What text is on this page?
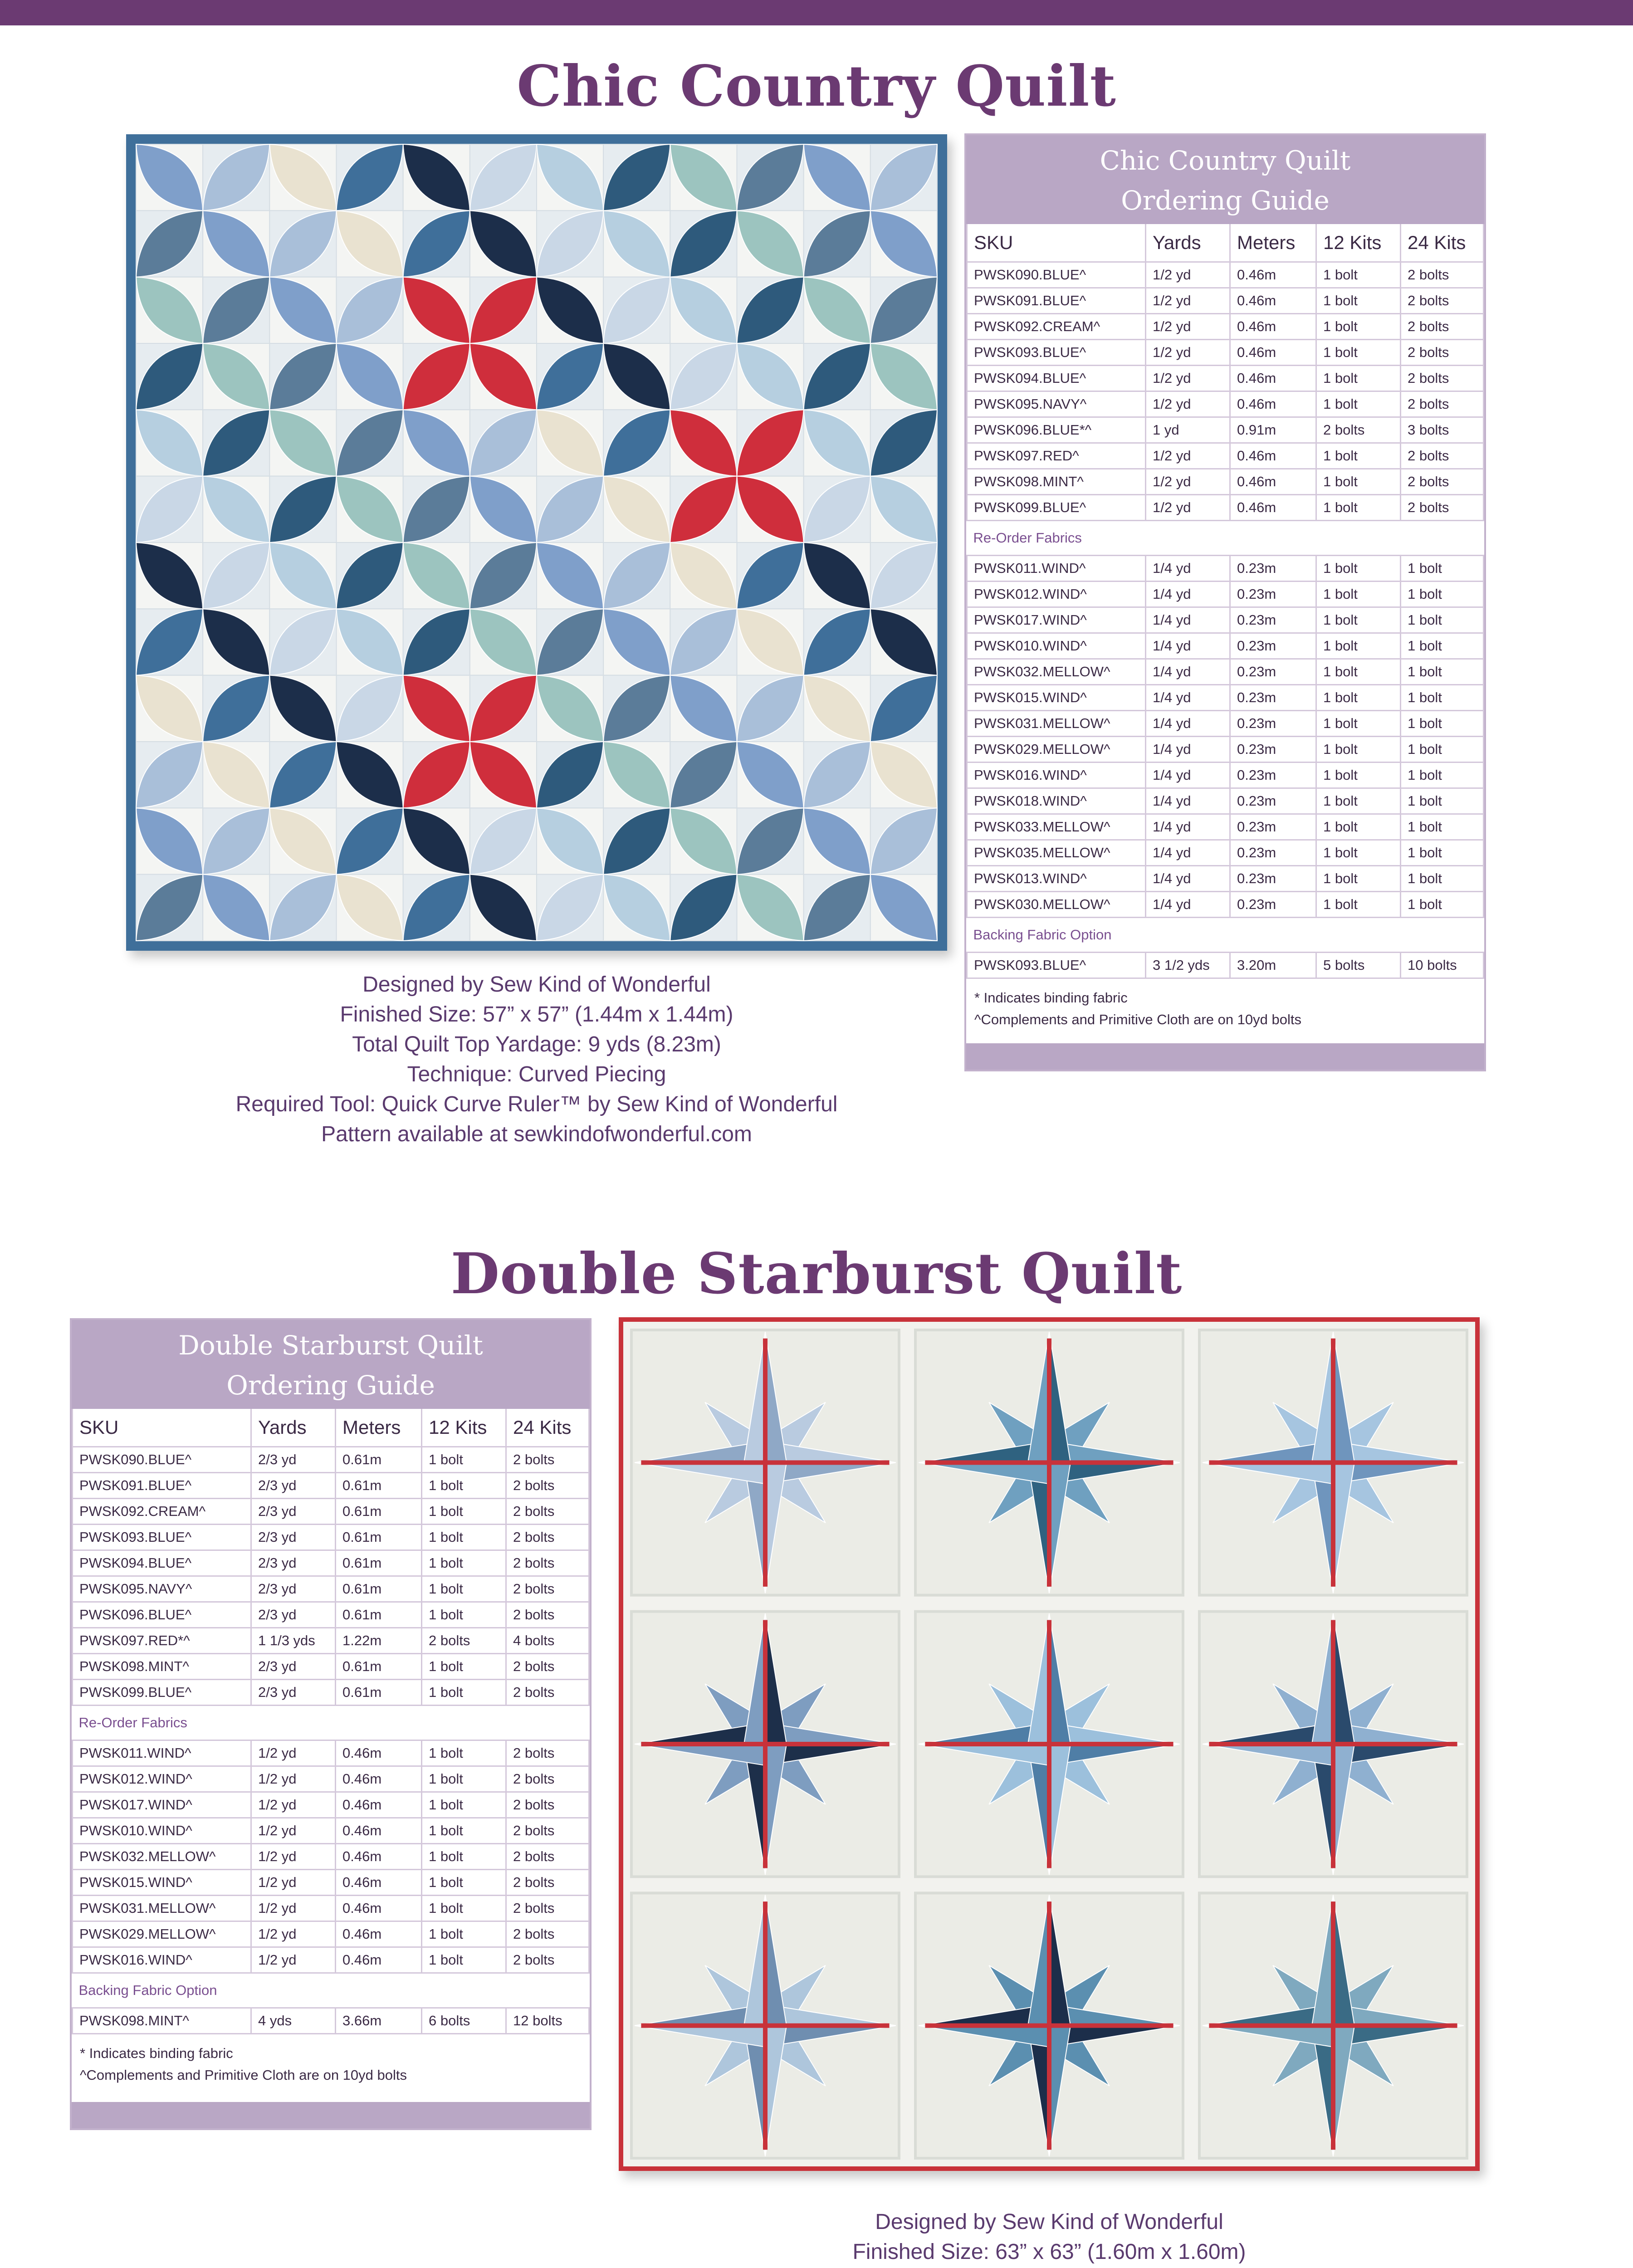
Chic Country Quilt
Designed by Sew Kind of Wonderful
Finished Size: 57” x 57” (1.44m x 1.44m)
Total Quilt Top Yardage: 9 yds (8.23m)
Technique: Curved Piecing
Required Tool: Quick Curve Ruler™ by Sew Kind of Wonderful
Pattern available at sewkindofwonderful.com
Chic Country Quilt
Ordering Guide
SKU	Yards	Meters	12 Kits	24 Kits
PWSK090.BLUE^	1/2 yd	0.46m	1 bolt	2 bolts
PWSK091.BLUE^	1/2 yd	0.46m	1 bolt	2 bolts
PWSK092.CREAM^	1/2 yd	0.46m	1 bolt	2 bolts
PWSK093.BLUE^	1/2 yd	0.46m	1 bolt	2 bolts
PWSK094.BLUE^	1/2 yd	0.46m	1 bolt	2 bolts
PWSK095.NAVY^	1/2 yd	0.46m	1 bolt	2 bolts
PWSK096.BLUE*^	1 yd	0.91m	2 bolts	3 bolts
PWSK097.RED^	1/2 yd	0.46m	1 bolt	2 bolts
PWSK098.MINT^	1/2 yd	0.46m	1 bolt	2 bolts
PWSK099.BLUE^	1/2 yd	0.46m	1 bolt	2 bolts
Re-Order Fabrics				
PWSK011.WIND^	1/4 yd	0.23m	1 bolt	1 bolt
PWSK012.WIND^	1/4 yd	0.23m	1 bolt	1 bolt
PWSK017.WIND^	1/4 yd	0.23m	1 bolt	1 bolt
PWSK010.WIND^	1/4 yd	0.23m	1 bolt	1 bolt
PWSK032.MELLOW^	1/4 yd	0.23m	1 bolt	1 bolt
PWSK015.WIND^	1/4 yd	0.23m	1 bolt	1 bolt
PWSK031.MELLOW^	1/4 yd	0.23m	1 bolt	1 bolt
PWSK029.MELLOW^	1/4 yd	0.23m	1 bolt	1 bolt
PWSK016.WIND^	1/4 yd	0.23m	1 bolt	1 bolt
PWSK018.WIND^	1/4 yd	0.23m	1 bolt	1 bolt
PWSK033.MELLOW^	1/4 yd	0.23m	1 bolt	1 bolt
PWSK035.MELLOW^	1/4 yd	0.23m	1 bolt	1 bolt
PWSK013.WIND^	1/4 yd	0.23m	1 bolt	1 bolt
PWSK030.MELLOW^	1/4 yd	0.23m	1 bolt	1 bolt
Backing Fabric Option				
PWSK093.BLUE^	3 1/2 yds	3.20m	5 bolts	10 bolts
* Indicates binding fabric
^Complements and Primitive Cloth are on 10yd bolts
Double Starburst Quilt
Double Starburst Quilt
Ordering Guide
SKU	Yards	Meters	12 Kits	24 Kits
PWSK090.BLUE^	2/3 yd	0.61m	1 bolt	2 bolts
PWSK091.BLUE^	2/3 yd	0.61m	1 bolt	2 bolts
PWSK092.CREAM^	2/3 yd	0.61m	1 bolt	2 bolts
PWSK093.BLUE^	2/3 yd	0.61m	1 bolt	2 bolts
PWSK094.BLUE^	2/3 yd	0.61m	1 bolt	2 bolts
PWSK095.NAVY^	2/3 yd	0.61m	1 bolt	2 bolts
PWSK096.BLUE^	2/3 yd	0.61m	1 bolt	2 bolts
PWSK097.RED*^	1 1/3 yds	1.22m	2 bolts	4 bolts
PWSK098.MINT^	2/3 yd	0.61m	1 bolt	2 bolts
PWSK099.BLUE^	2/3 yd	0.61m	1 bolt	2 bolts
Re-Order Fabrics				
PWSK011.WIND^	1/2 yd	0.46m	1 bolt	2 bolts
PWSK012.WIND^	1/2 yd	0.46m	1 bolt	2 bolts
PWSK017.WIND^	1/2 yd	0.46m	1 bolt	2 bolts
PWSK010.WIND^	1/2 yd	0.46m	1 bolt	2 bolts
PWSK032.MELLOW^	1/2 yd	0.46m	1 bolt	2 bolts
PWSK015.WIND^	1/2 yd	0.46m	1 bolt	2 bolts
PWSK031.MELLOW^	1/2 yd	0.46m	1 bolt	2 bolts
PWSK029.MELLOW^	1/2 yd	0.46m	1 bolt	2 bolts
PWSK016.WIND^	1/2 yd	0.46m	1 bolt	2 bolts
Backing Fabric Option				
PWSK098.MINT^	4 yds	3.66m	6 bolts	12 bolts
* Indicates binding fabric
^Complements and Primitive Cloth are on 10yd bolts
Designed by Sew Kind of Wonderful
Finished Size: 63” x 63” (1.60m x 1.60m)
